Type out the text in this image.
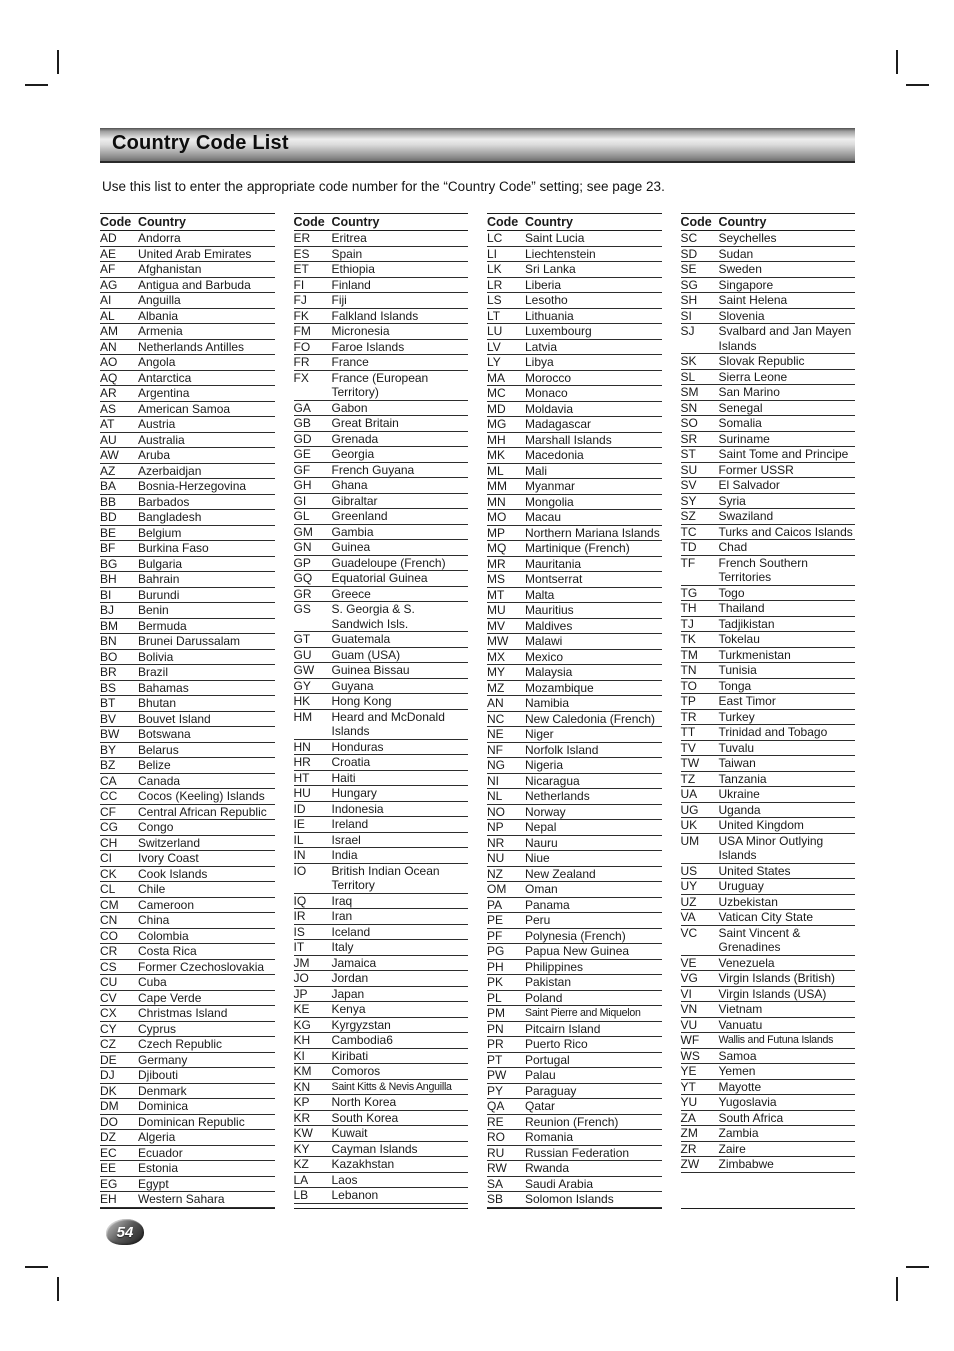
Country Code List

Use this list to enter the appropriate code number for the “Country Code” setting; see page 23.

Code Country
AD	Andorra
AE	United Arab Emirates
AF	Afghanistan
AG	Antigua and Barbuda
AI	Anguilla
AL	Albania
AM	Armenia
AN	Netherlands Antilles
AO	Angola
AQ	Antarctica
AR	Argentina
AS	American Samoa
AT	Austria
AU	Australia
AW	Aruba
AZ	Azerbaidjan
BA	Bosnia-Herzegovina
BB	Barbados
BD	Bangladesh
BE	Belgium
BF	Burkina Faso
BG	Bulgaria
BH	Bahrain
BI	Burundi
BJ	Benin
BM	Bermuda
BN	Brunei Darussalam
BO	Bolivia
BR	Brazil
BS	Bahamas
BT	Bhutan
BV	Bouvet Island
BW	Botswana
BY	Belarus
BZ	Belize
CA	Canada
CC	Cocos (Keeling) Islands
CF	Central African Republic
CG	Congo
CH	Switzerland
CI	Ivory Coast
CK	Cook Islands
CL	Chile
CM	Cameroon
CN	China
CO	Colombia
CR	Costa Rica
CS	Former Czechoslovakia
CU	Cuba
CV	Cape Verde
CX	Christmas Island
CY	Cyprus
CZ	Czech Republic
DE	Germany
DJ	Djibouti
DK	Denmark
DM	Dominica
DO	Dominican Republic
DZ	Algeria
EC	Ecuador
EE	Estonia
EG	Egypt
EH	Western Sahara
Code Country
ER	Eritrea
ES	Spain
ET	Ethiopia
FI	Finland
FJ	Fiji
FK	Falkland Islands
FM	Micronesia
FO	Faroe Islands
FR	France
FX	France (European Territory)
GA	Gabon
GB	Great Britain
GD	Grenada
GE	Georgia
GF	French Guyana
GH	Ghana
GI	Gibraltar
GL	Greenland
GM	Gambia
GN	Guinea
GP	Guadeloupe (French)
GQ	Equatorial Guinea
GR	Greece
GS	S. Georgia & S. Sandwich Isls.
GT	Guatemala
GU	Guam (USA)
GW	Guinea Bissau
GY	Guyana
HK	Hong Kong
HM	Heard and McDonald Islands
HN	Honduras
HR	Croatia
HT	Haiti
HU	Hungary
ID	Indonesia
IE	Ireland
IL	Israel
IN	India
IO	British Indian Ocean Territory
IQ	Iraq
IR	Iran
IS	Iceland
IT	Italy
JM	Jamaica
JO	Jordan
JP	Japan
KE	Kenya
KG	Kyrgyzstan
KH	Cambodia6
KI	Kiribati
KM	Comoros
KN	Saint Kitts & Nevis Anguilla
KP	North Korea
KR	South Korea
KW	Kuwait
KY	Cayman Islands
KZ	Kazakhstan
LA	Laos
LB	Lebanon
Code Country
LC	Saint Lucia
LI	Liechtenstein
LK	Sri Lanka
LR	Liberia
LS	Lesotho
LT	Lithuania
LU	Luxembourg
LV	Latvia
LY	Libya
MA	Morocco
MC	Monaco
MD	Moldavia
MG	Madagascar
MH	Marshall Islands
MK	Macedonia
ML	Mali
MM	Myanmar
MN	Mongolia
MO	Macau
MP	Northern Mariana Islands
MQ	Martinique (French)
MR	Mauritania
MS	Montserrat
MT	Malta
MU	Mauritius
MV	Maldives
MW	Malawi
MX	Mexico
MY	Malaysia
MZ	Mozambique
AN	Namibia
NC	New Caledonia (French)
NE	Niger
NF	Norfolk Island
NG	Nigeria
NI	Nicaragua
NL	Netherlands
NO	Norway
NP	Nepal
NR	Nauru
NU	Niue
NZ	New Zealand
OM	Oman
PA	Panama
PE	Peru
PF	Polynesia (French)
PG	Papua New Guinea
PH	Philippines
PK	Pakistan
PL	Poland
PM	Saint Pierre and Miquelon
PN	Pitcairn Island
PR	Puerto Rico
PT	Portugal
PW	Palau
PY	Paraguay
QA	Qatar
RE	Reunion (French)
RO	Romania
RU	Russian Federation
RW	Rwanda
SA	Saudi Arabia
SB	Solomon Islands
Code Country
SC	Seychelles
SD	Sudan
SE	Sweden
SG	Singapore
SH	Saint Helena
SI	Slovenia
SJ	Svalbard and Jan Mayen Islands
SK	Slovak Republic
SL	Sierra Leone
SM	San Marino
SN	Senegal
SO	Somalia
SR	Suriname
ST	Saint Tome and Principe
SU	Former USSR
SV	El Salvador
SY	Syria
SZ	Swaziland
TC	Turks and Caicos Islands
TD	Chad
TF	French Southern Territories
TG	Togo
TH	Thailand
TJ	Tadjikistan
TK	Tokelau
TM	Turkmenistan
TN	Tunisia
TO	Tonga
TP	East Timor
TR	Turkey
TT	Trinidad and Tobago
TV	Tuvalu
TW	Taiwan
TZ	Tanzania
UA	Ukraine
UG	Uganda
UK	United Kingdom
UM	USA Minor Outlying Islands
US	United States
UY	Uruguay
UZ	Uzbekistan
VA	Vatican City State
VC	Saint Vincent & Grenadines
VE	Venezuela
VG	Virgin Islands (British)
VI	Virgin Islands (USA)
VN	Vietnam
VU	Vanuatu
WF	Wallis and Futuna Islands
WS	Samoa
YE	Yemen
YT	Mayotte
YU	Yugoslavia
ZA	South Africa
ZM	Zambia
ZR	Zaire
ZW	Zimbabwe
54
